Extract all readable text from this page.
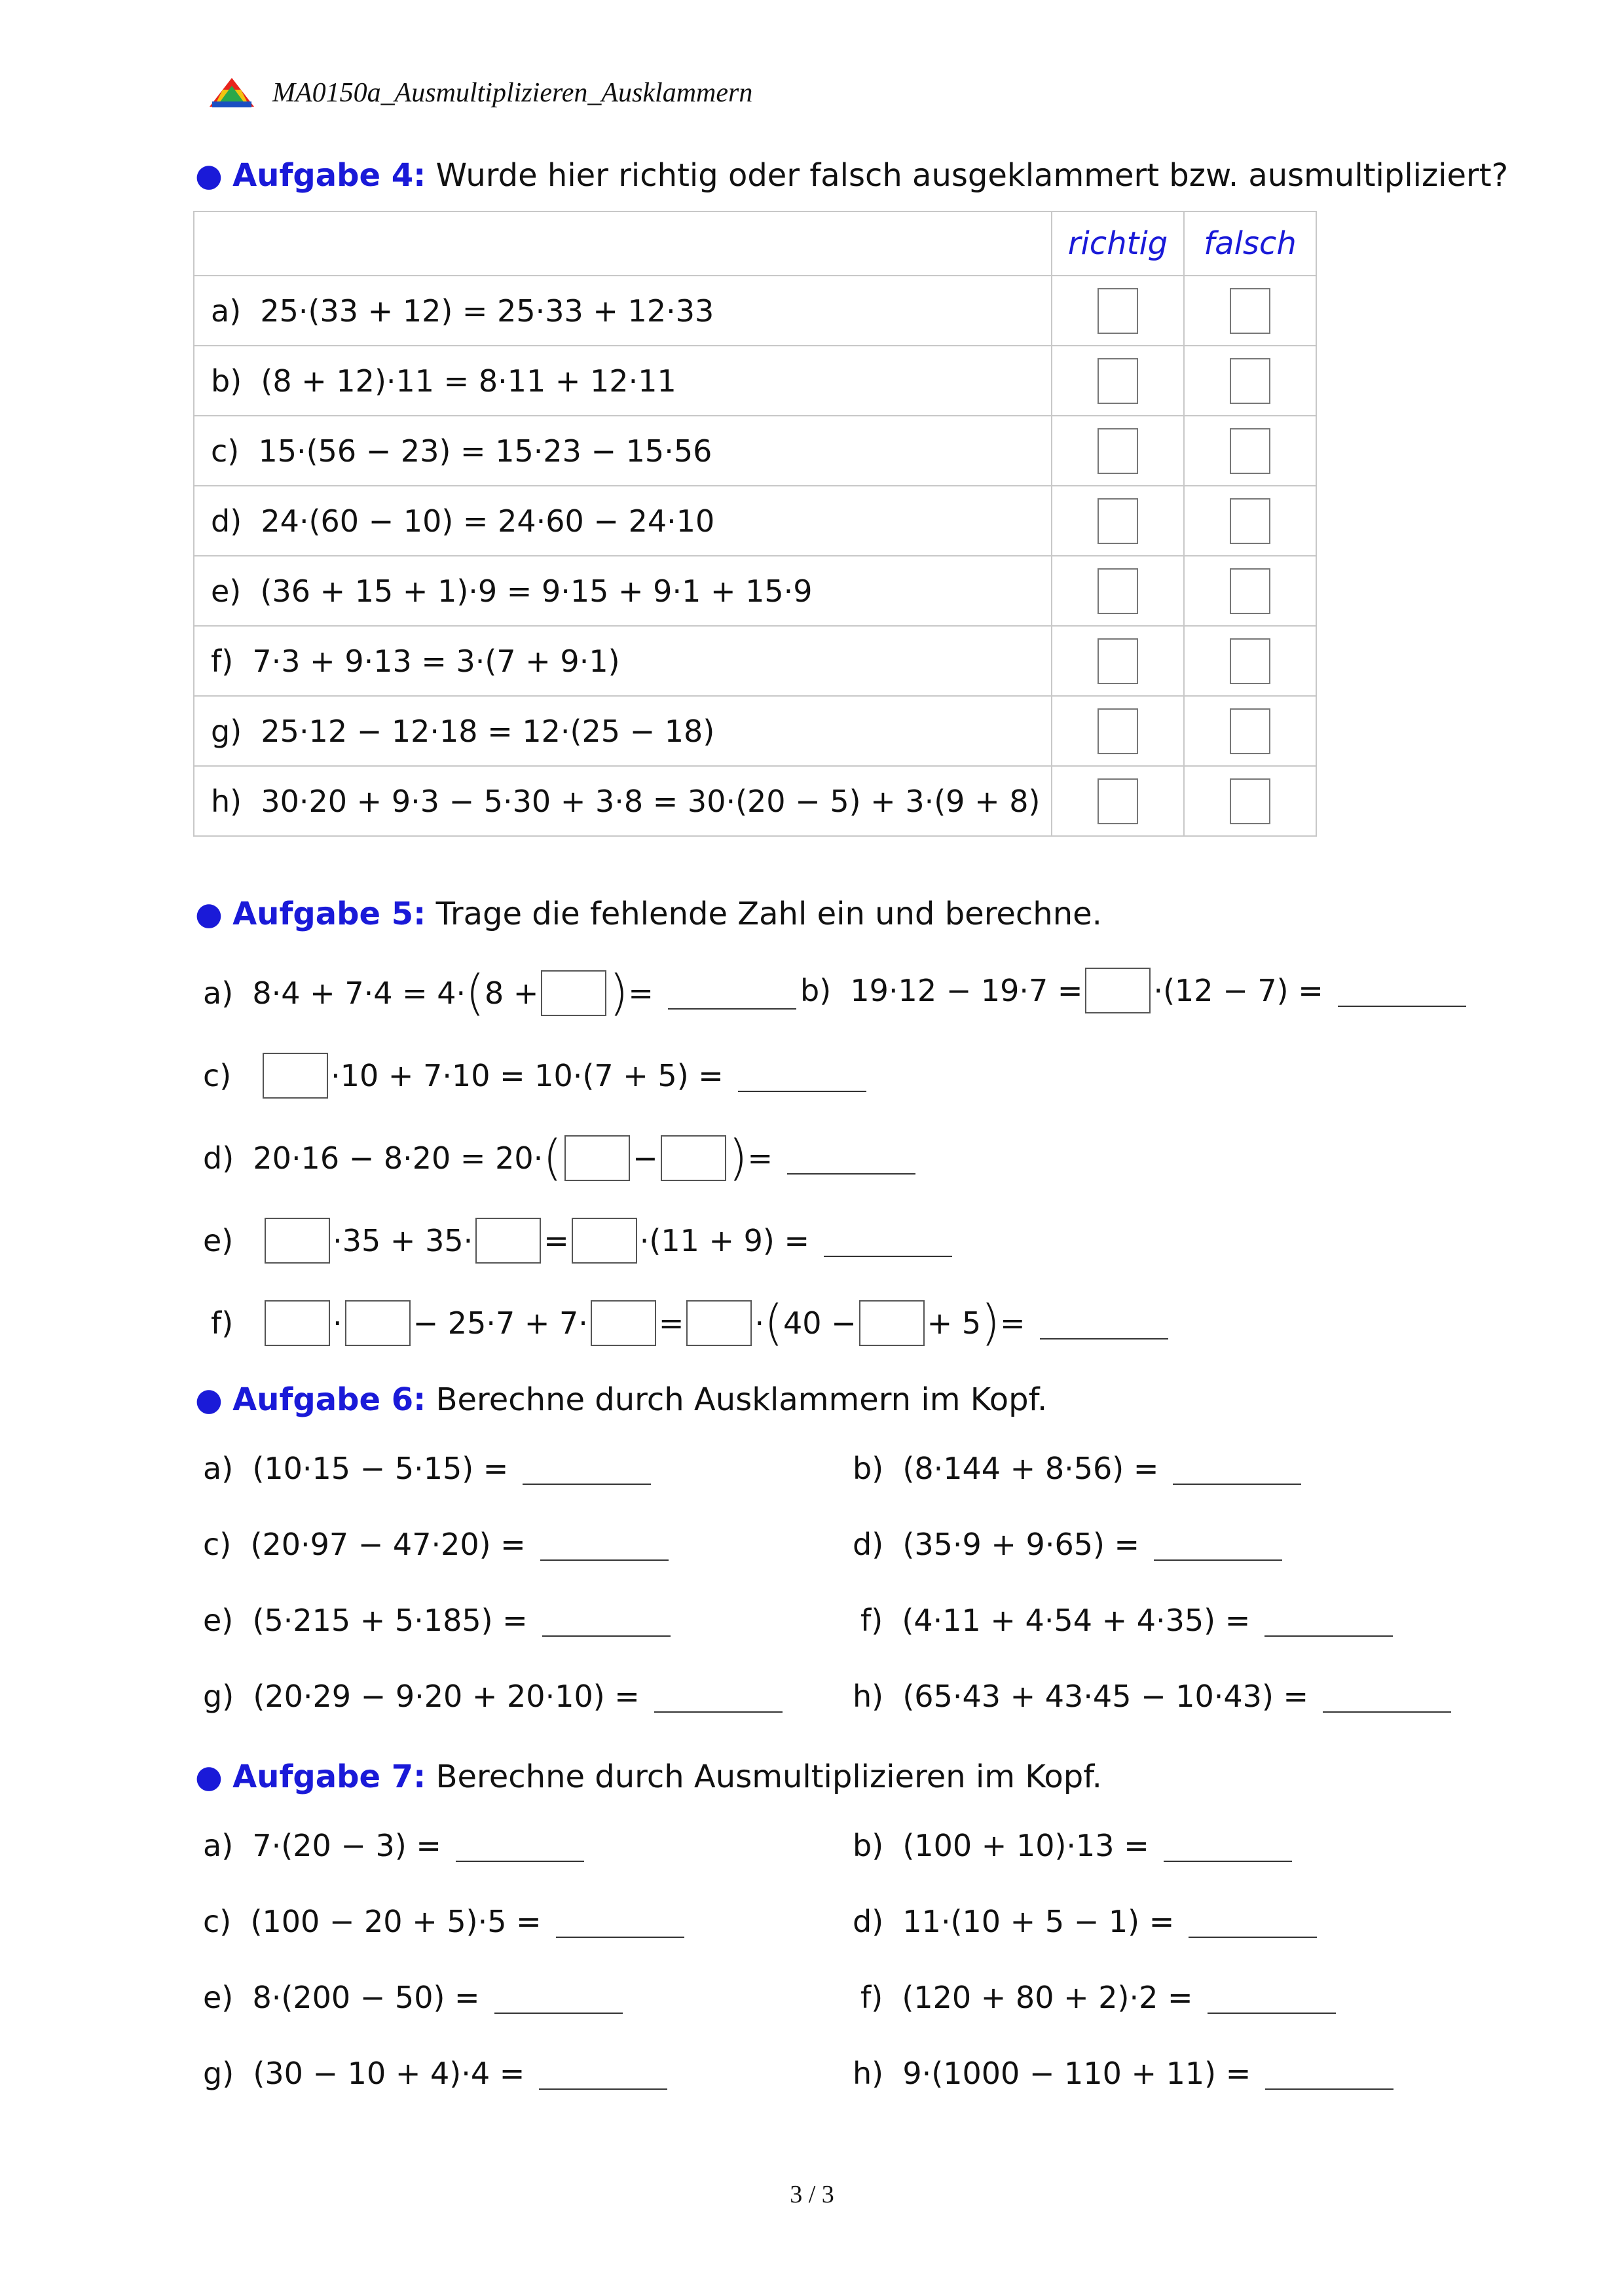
MA0150a_Ausmultiplizieren_Ausklammern
● Aufgabe 4: Wurde hier richtig oder falsch ausgeklammert bzw. ausmultipliziert?
	richtig	falsch
a) 25·(33 + 12) = 25·33 + 12·33		
b) (8 + 12)·11 = 8·11 + 12·11		
c) 15·(56 − 23) = 15·23 − 15·56		
d) 24·(60 − 10) = 24·60 − 24·10		
e) (36 + 15 + 1)·9 = 9·15 + 9·1 + 15·9		
f) 7·3 + 9·13 = 3·(7 + 9·1)		
g) 25·12 − 12·18 = 12·(25 − 18)		
h) 30·20 + 9·3 − 5·30 + 3·8 = 30·(20 − 5) + 3·(9 + 8)		
● Aufgabe 5: Trage die fehlende Zahl ein und berechne.
a)
8·4 + 7·4 = 4· ( 8 + ) =	b)
19·12 − 19·7 = ·(12 − 7) =
c)
	·10 + 7·10 = 10·(7 + 5) =
d)
20·16 − 8·20 = 20· ( − ) =
e)
	·35 + 35· = ·(11 + 9) =
f)
	· − 25·7 + 7· = · ( 40 − + 5 ) =
● Aufgabe 6: Berechne durch Ausklammern im Kopf.
a)
(10·15 − 5·15) =	b)
(8·144 + 8·56) =
c)
(20·97 − 47·20) =	d)
(35·9 + 9·65) =
e)
(5·215 + 5·185) =	f)
(4·11 + 4·54 + 4·35) =
g)
(20·29 − 9·20 + 20·10) =	h)
(65·43 + 43·45 − 10·43) =
● Aufgabe 7: Berechne durch Ausmultiplizieren im Kopf.
a)
7·(20 − 3) =	b)
(100 + 10)·13 =
c)
(100 − 20 + 5)·5 =	d)
11·(10 + 5 − 1) =
e)
8·(200 − 50) =	f)
(120 + 80 + 2)·2 =
g)
(30 − 10 + 4)·4 =	h)
9·(1000 − 110 + 11) =
3 / 3
